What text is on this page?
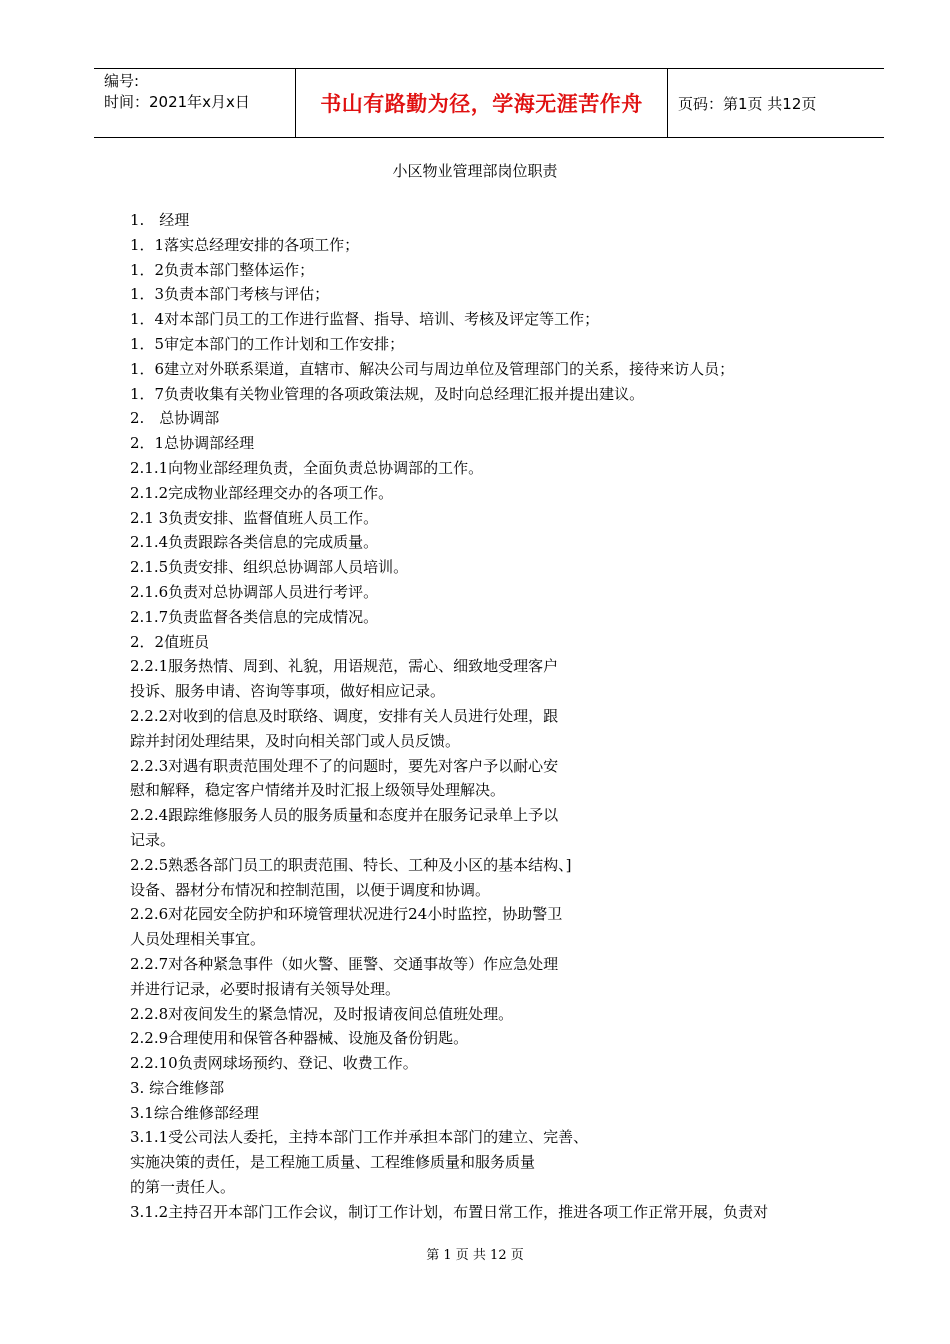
编号:
时间：2021年x月x日	书山有路勤为径，学海无涯苦作舟	页码：第1页 共12页
小区物业管理部岗位职责
1.　经理
1．1落实总经理安排的各项工作；
1．2负责本部门整体运作；
1．3负责本部门考核与评估；
1．4对本部门员工的工作进行监督、指导、培训、考核及评定等工作；
1．5审定本部门的工作计划和工作安排；
1．6建立对外联系渠道，直辖市、解决公司与周边单位及管理部门的关系，接待来访人员；
1．7负责收集有关物业管理的各项政策法规，及时向总经理汇报并提出建议。
2.　总协调部
2．1总协调部经理
2.1.1向物业部经理负责，全面负责总协调部的工作。
2.1.2完成物业部经理交办的各项工作。
2.1 3负责安排、监督值班人员工作。
2.1.4负责跟踪各类信息的完成质量。
2.1.5负责安排、组织总协调部人员培训。
2.1.6负责对总协调部人员进行考评。
2.1.7负责监督各类信息的完成情况。
2．2值班员
2.2.1服务热情、周到、礼貌，用语规范，需心、细致地受理客户
投诉、服务申请、咨询等事项，做好相应记录。
2.2.2对收到的信息及时联络、调度，安排有关人员进行处理，跟
踪并封闭处理结果，及时向相关部门或人员反馈。
2.2.3对遇有职责范围处理不了的问题时，要先对客户予以耐心安
慰和解释，稳定客户情绪并及时汇报上级领导处理解决。
2.2.4跟踪维修服务人员的服务质量和态度并在服务记录单上予以
记录。
2.2.5熟悉各部门员工的职责范围、特长、工种及小区的基本结构、]
设备、器材分布情况和控制范围，以便于调度和协调。
2.2.6对花园安全防护和环境管理状况进行24小时监控，协助警卫
人员处理相关事宜。
2.2.7对各种紧急事件（如火警、匪警、交通事故等）作应急处理
并进行记录，必要时报请有关领导处理。
2.2.8对夜间发生的紧急情况，及时报请夜间总值班处理。
2.2.9合理使用和保管各种器械、设施及备份钥匙。
2.2.10负责网球场预约、登记、收费工作。
3. 综合维修部
3.1综合维修部经理
3.1.1受公司法人委托，主持本部门工作并承担本部门的建立、完善、
实施决策的责任，是工程施工质量、工程维修质量和服务质量
的第一责任人。
3.1.2主持召开本部门工作会议，制订工作计划，布置日常工作，推进各项工作正常开展，负责对
第 1 页 共 12 页
